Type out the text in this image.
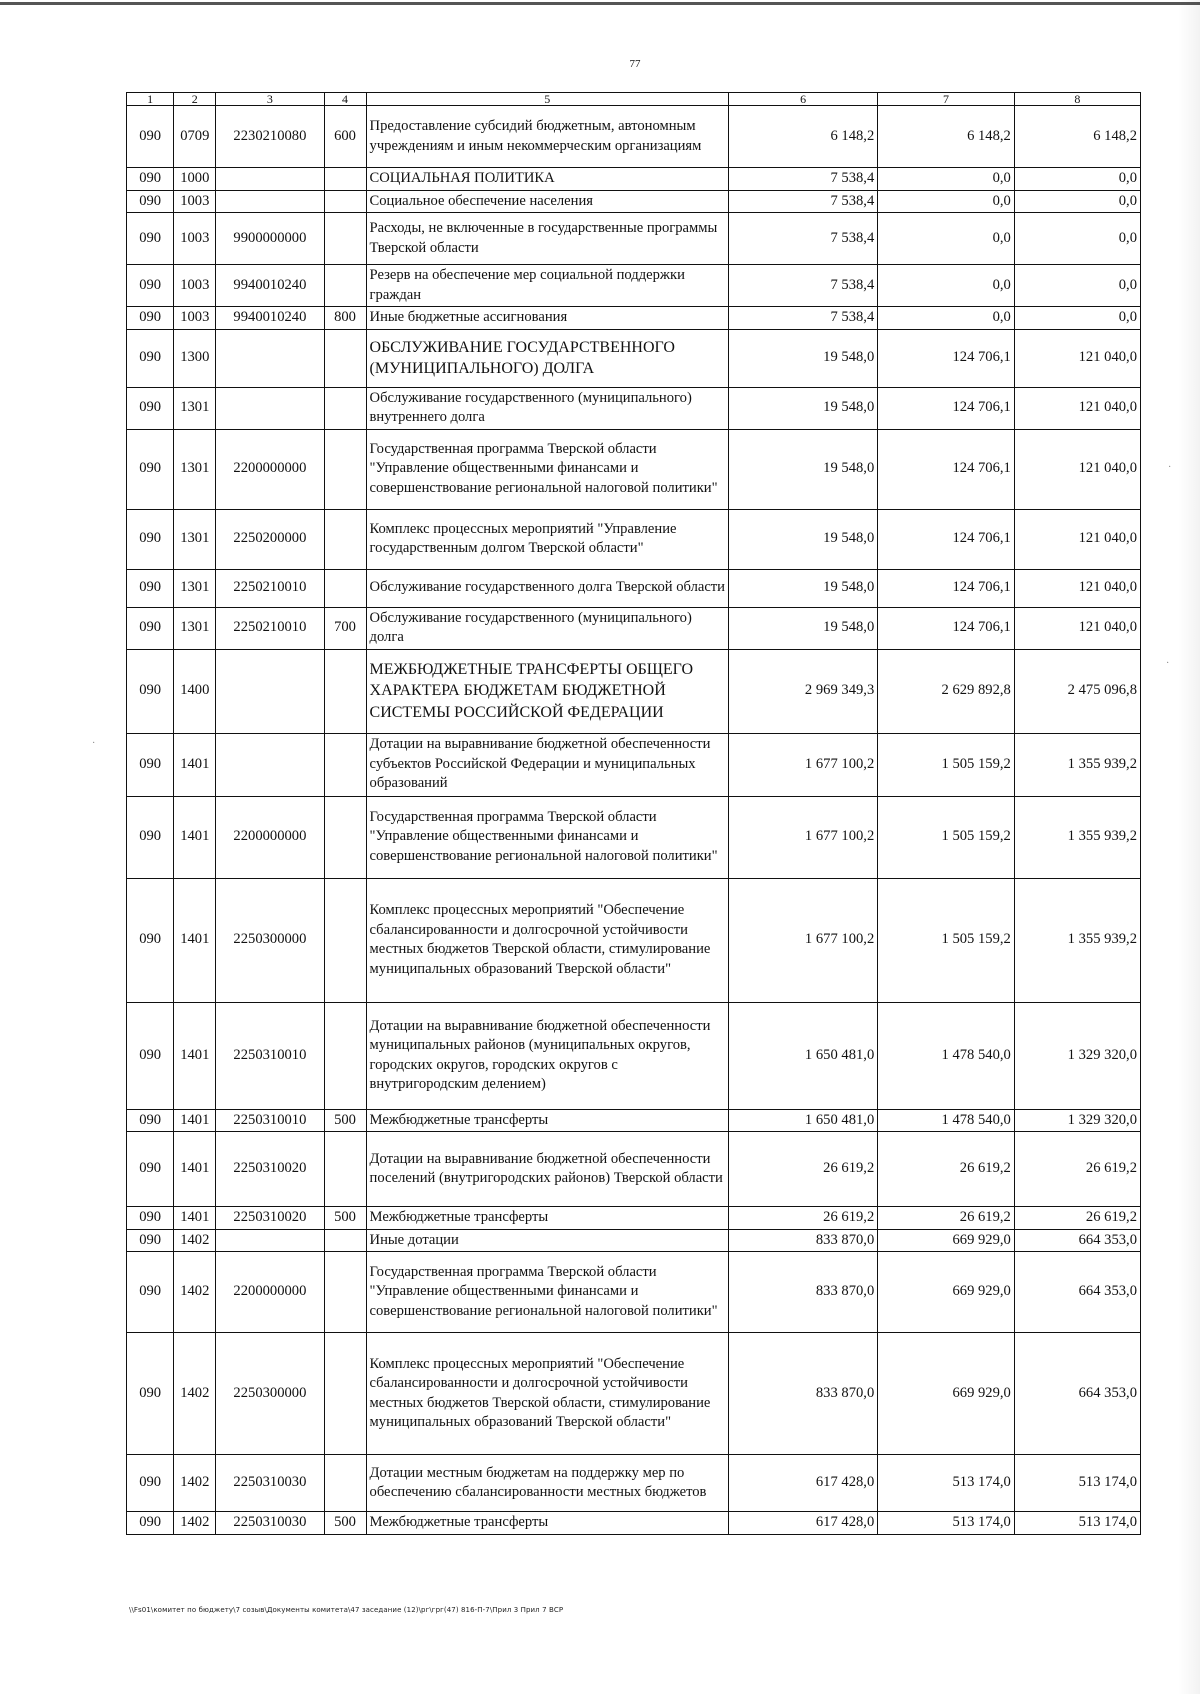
77
1	2	3	4	5	6	7	8
090	0709	2230210080	600	Предоставление субсидий бюджетным, автономным учреждениям и иным некоммерческим организациям	6 148,2	6 148,2	6 148,2
090	1000			СОЦИАЛЬНАЯ ПОЛИТИКА	7 538,4	0,0	0,0
090	1003			Социальное обеспечение населения	7 538,4	0,0	0,0
090	1003	9900000000		Расходы, не включенные в государственные программы Тверской области	7 538,4	0,0	0,0
090	1003	9940010240		Резерв на обеспечение мер социальной поддержки граждан	7 538,4	0,0	0,0
090	1003	9940010240	800	Иные бюджетные ассигнования	7 538,4	0,0	0,0
090	1300			ОБСЛУЖИВАНИЕ ГОСУДАРСТВЕННОГО (МУНИЦИПАЛЬНОГО) ДОЛГА	19 548,0	124 706,1	121 040,0
090	1301			Обслуживание государственного (муниципального) внутреннего долга	19 548,0	124 706,1	121 040,0
090	1301	2200000000		Государственная программа Тверской области "Управление общественными финансами и совершенствование региональной налоговой политики"	19 548,0	124 706,1	121 040,0
090	1301	2250200000		Комплекс процессных мероприятий "Управление государственным долгом Тверской области"	19 548,0	124 706,1	121 040,0
090	1301	2250210010		Обслуживание государственного долга Тверской области	19 548,0	124 706,1	121 040,0
090	1301	2250210010	700	Обслуживание государственного (муниципального) долга	19 548,0	124 706,1	121 040,0
090	1400			МЕЖБЮДЖЕТНЫЕ ТРАНСФЕРТЫ ОБЩЕГО ХАРАКТЕРА БЮДЖЕТАМ БЮДЖЕТНОЙ СИСТЕМЫ РОССИЙСКОЙ ФЕДЕРАЦИИ	2 969 349,3	2 629 892,8	2 475 096,8
090	1401			Дотации на выравнивание бюджетной обеспеченности субъектов Российской Федерации и муниципальных образований	1 677 100,2	1 505 159,2	1 355 939,2
090	1401	2200000000		Государственная программа Тверской области "Управление общественными финансами и совершенствование региональной налоговой политики"	1 677 100,2	1 505 159,2	1 355 939,2
090	1401	2250300000		Комплекс процессных мероприятий "Обеспечение сбалансированности и долгосрочной устойчивости местных бюджетов Тверской области, стимулирование муниципальных образований Тверской области"	1 677 100,2	1 505 159,2	1 355 939,2
090	1401	2250310010		Дотации на выравнивание бюджетной обеспеченности муниципальных районов (муниципальных округов, городских округов, городских округов с внутригородским делением)	1 650 481,0	1 478 540,0	1 329 320,0
090	1401	2250310010	500	Межбюджетные трансферты	1 650 481,0	1 478 540,0	1 329 320,0
090	1401	2250310020		Дотации на выравнивание бюджетной обеспеченности поселений (внутригородских районов) Тверской области	26 619,2	26 619,2	26 619,2
090	1401	2250310020	500	Межбюджетные трансферты	26 619,2	26 619,2	26 619,2
090	1402			Иные дотации	833 870,0	669 929,0	664 353,0
090	1402	2200000000		Государственная программа Тверской области "Управление общественными финансами и совершенствование региональной налоговой политики"	833 870,0	669 929,0	664 353,0
090	1402	2250300000		Комплекс процессных мероприятий "Обеспечение сбалансированности и долгосрочной устойчивости местных бюджетов Тверской области, стимулирование муниципальных образований Тверской области"	833 870,0	669 929,0	664 353,0
090	1402	2250310030		Дотации местным бюджетам на поддержку мер по обеспечению сбалансированности местных бюджетов	617 428,0	513 174,0	513 174,0
090	1402	2250310030	500	Межбюджетные трансферты	617 428,0	513 174,0	513 174,0
\\Fs01\комитет по бюджету\7 созыв\Документы комитета\47 заседание (12)\рг\грг(47) 816-П-7\Прил 3 Прил 7 ВСР
·
·
·
